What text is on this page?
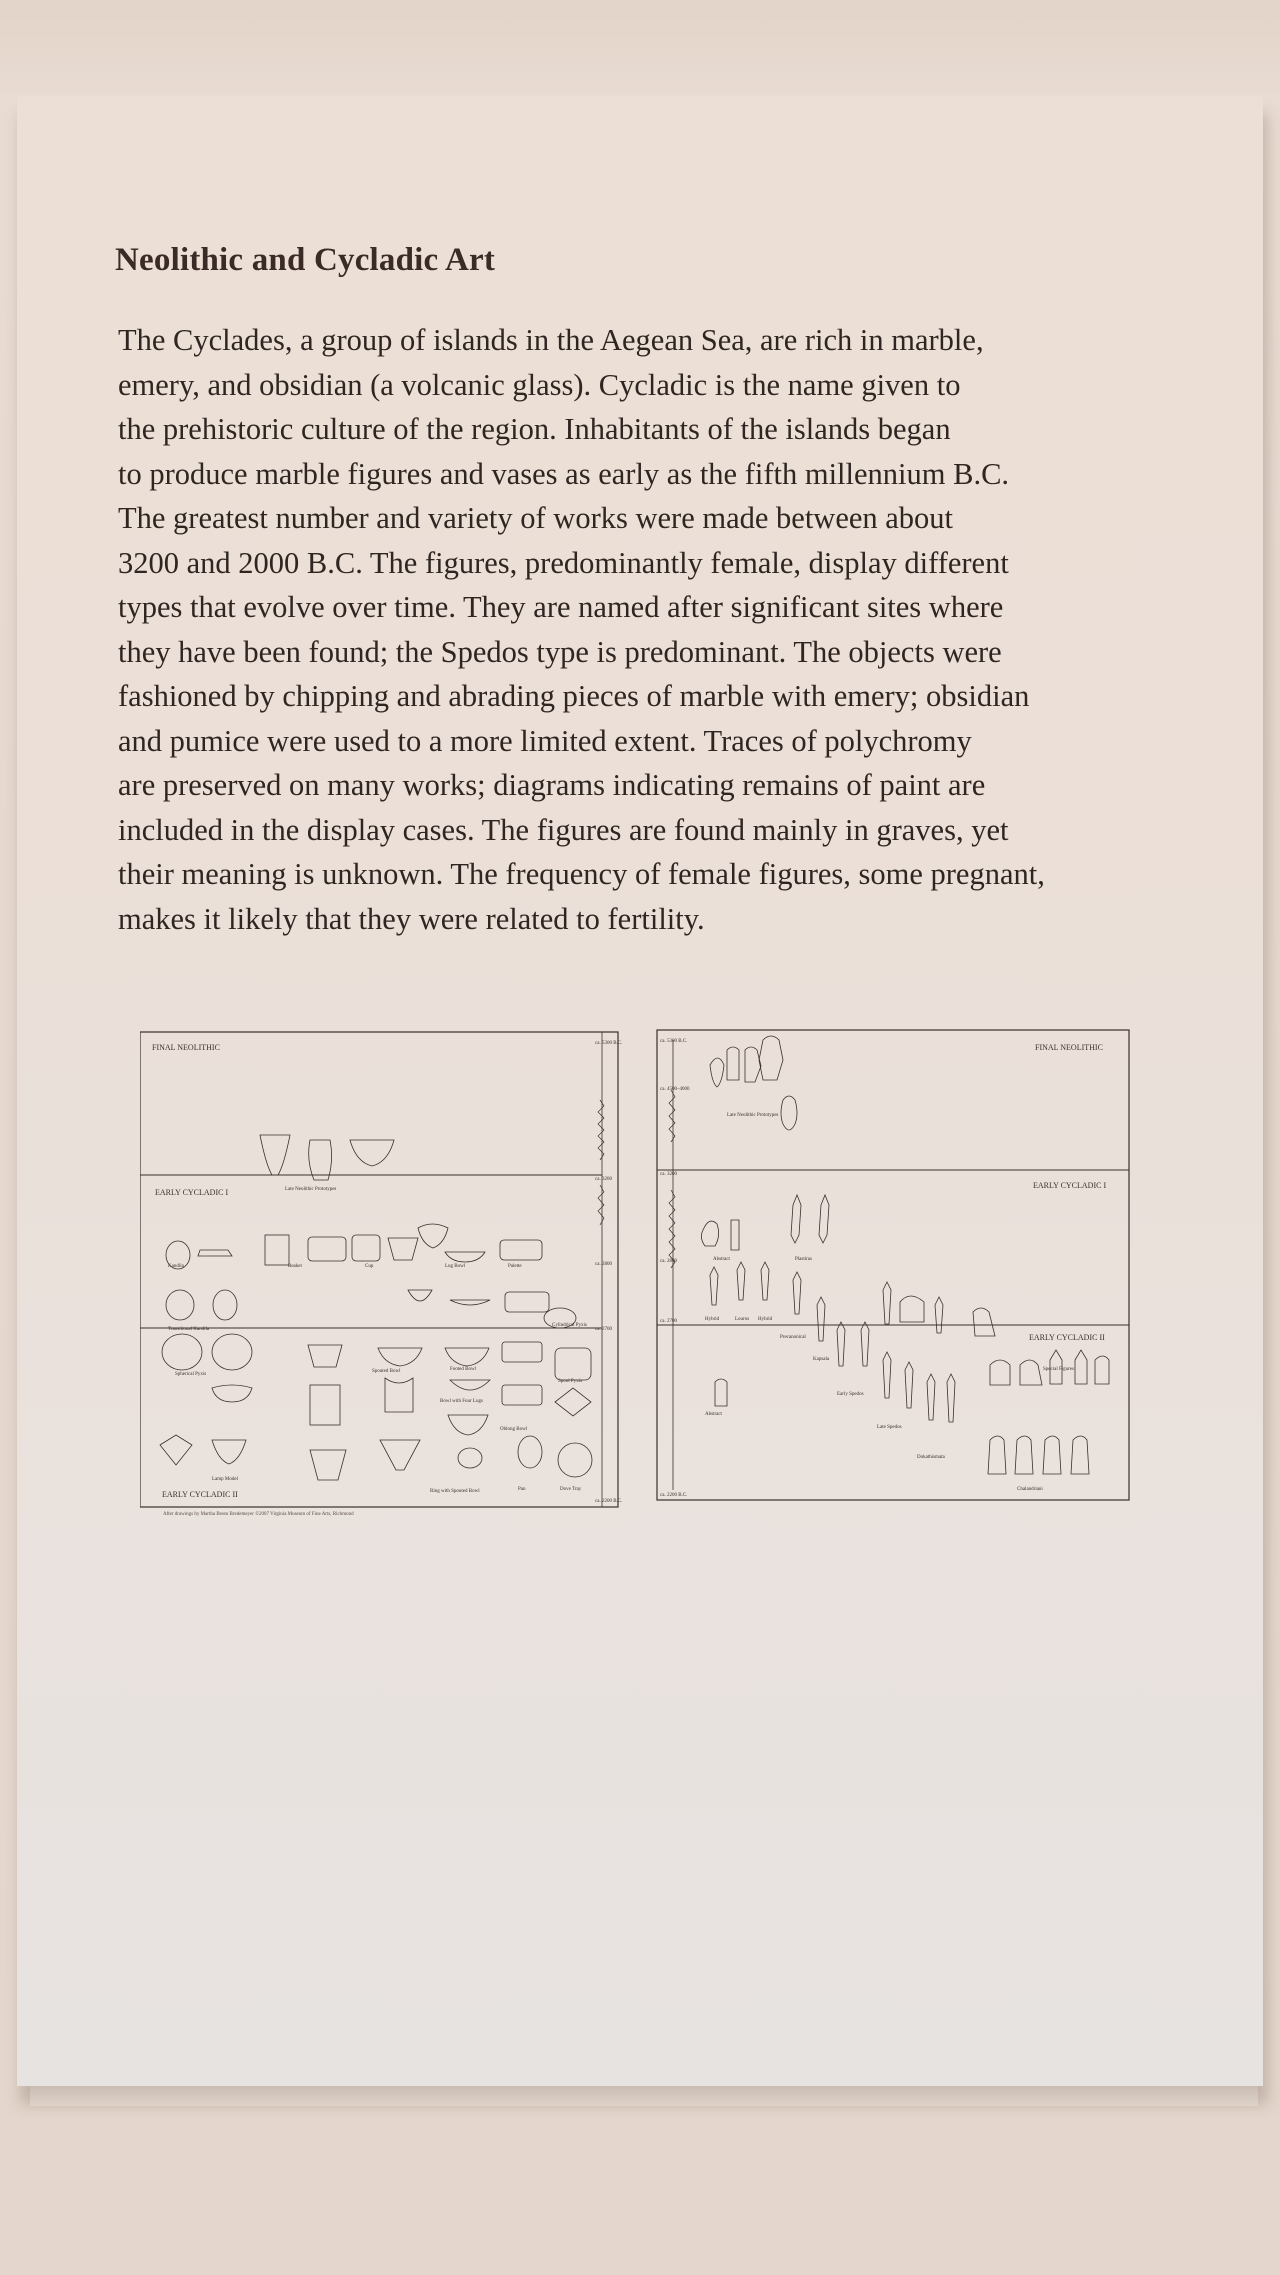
Neolithic and Cycladic Art
The Cyclades, a group of islands in the Aegean Sea, are rich in marble,
emery, and obsidian (a volcanic glass). Cycladic is the name given to
the prehistoric culture of the region. Inhabitants of the islands began
to produce marble figures and vases as early as the fifth millennium B.C.
The greatest number and variety of works were made between about
3200 and 2000 B.C. The figures, predominantly female, display different
types that evolve over time. They are named after significant sites where
they have been found; the Spedos type is predominant. The objects were
fashioned by chipping and abrading pieces of marble with emery; obsidian
and pumice were used to a more limited extent. Traces of polychromy
are preserved on many works; diagrams indicating remains of paint are
included in the display cases. The figures are found mainly in graves, yet
their meaning is unknown. The frequency of female figures, some pregnant,
makes it likely that they were related to fertility.
FINAL NEOLITHIC
EARLY CYCLADIC I
EARLY CYCLADIC II
ca. 5300 B.C.
ca. 3200
ca. 2800
ca. 2700
ca. 2200 B.C.
Late Neolithic Prototypes
Kandila	Beaker	Cup	Lug Bowl	Palette
Transitional Kandila
Cylindrical Pyxis
Spherical Pyxis
Spouted Bowl	Footed Bowl
Spool Pyxis
Bowl with Four Lugs
Oblong Bowl
Lamp Model
Ring with Spouted Bowl	Pan	Dove Tray
After drawings by Martha Breen Bredemeyer ©2007 Virginia Museum of Fine Arts, Richmond
FINAL NEOLITHIC
EARLY CYCLADIC I
EARLY CYCLADIC II
ca. 5300 B.C.
ca. 4500–4000
ca. 3200
ca. 2800
ca. 2700
ca. 2200 B.C.
Late Neolithic Prototypes
Abstract	Plastiras
Hybrid	Louros Hybrid
Precanonical
Kapsala
Early Spedos
Late Spedos
Dokathismata
Special Figures
Chalandriani
Abstract
